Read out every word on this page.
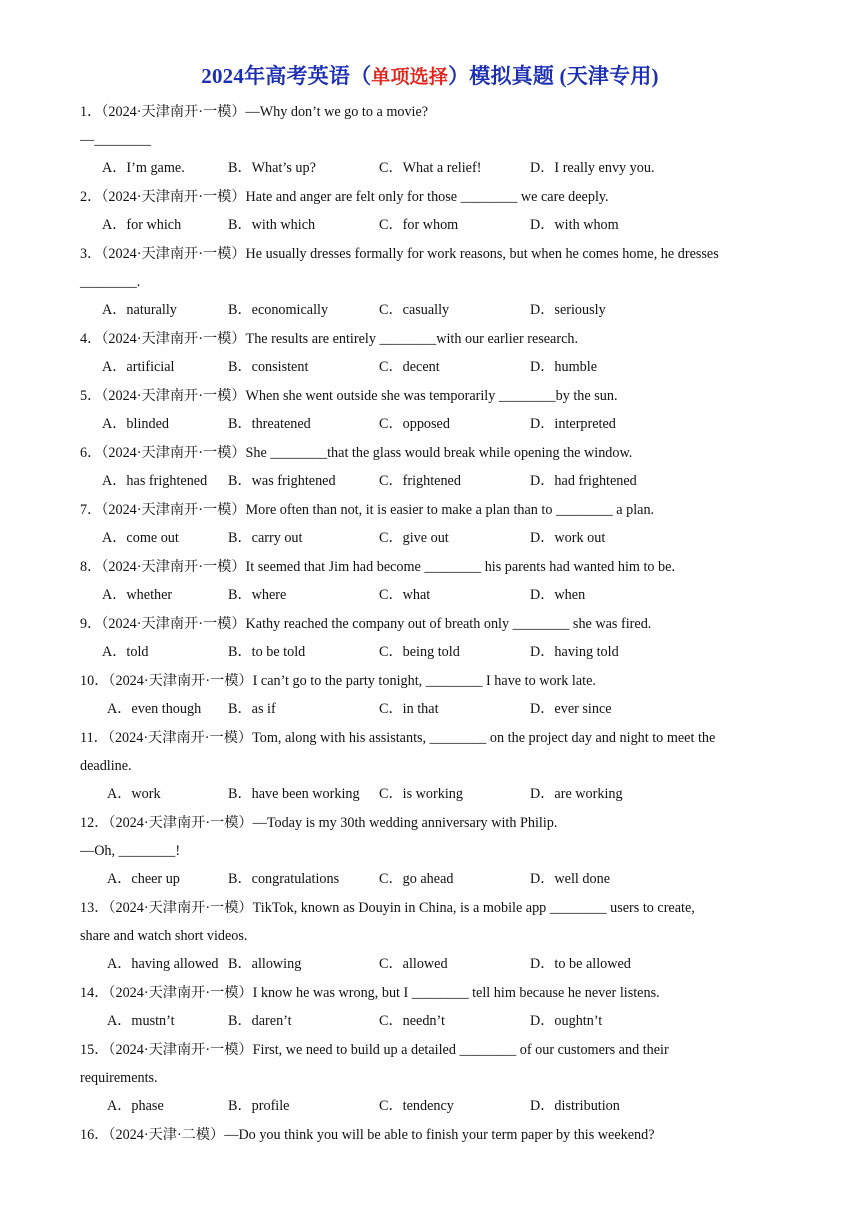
2024年高考英语（单项选择）模拟真题 (天津专用)
1．（2024·天津南开·一模）—Why don’t we go to a movie?
—________
A．I’m game.	B．What’s up?	C．What a relief!	D．I really envy you.
2．（2024·天津南开·一模）Hate and anger are felt only for those ________ we care deeply.
A．for which	B．with which	C．for whom	D．with whom
3．（2024·天津南开·一模）He usually dresses formally for work reasons, but when he comes home, he dresses
________.
A．naturally	B．economically	C．casually	D．seriously
4．（2024·天津南开·一模）The results are entirely ________with our earlier research.
A．artificial	B．consistent	C．decent	D．humble
5．（2024·天津南开·一模）When she went outside she was temporarily ________by the sun.
A．blinded	B．threatened	C．opposed	D．interpreted
6．（2024·天津南开·一模）She ________that the glass would break while opening the window.
A．has frightened	B．was frightened	C．frightened	D．had frightened
7．（2024·天津南开·一模）More often than not, it is easier to make a plan than to ________ a plan.
A．come out	B．carry out	C．give out	D．work out
8．（2024·天津南开·一模）It seemed that Jim had become ________ his parents had wanted him to be.
A．whether	B．where	C．what	D．when
9．（2024·天津南开·一模）Kathy reached the company out of breath only ________ she was fired.
A．told	B．to be told	C．being told	D．having told
10．（2024·天津南开·一模）I can’t go to the party tonight, ________ I have to work late.
A．even though	B．as if	C．in that	D．ever since
11．（2024·天津南开·一模）Tom, along with his assistants, ________ on the project day and night to meet the
deadline.
A．work	B．have been working	C．is working	D．are working
12．（2024·天津南开·一模）—Today is my 30th wedding anniversary with Philip.
—Oh, ________!
A．cheer up	B．congratulations	C．go ahead	D．well done
13．（2024·天津南开·一模）TikTok, known as Douyin in China, is a mobile app ________ users to create,
share and watch short videos.
A．having allowed B．allowing	C．allowed	D．to be allowed
14．（2024·天津南开·一模）I know he was wrong, but I ________ tell him because he never listens.
A．mustn’t	B．daren’t	C．needn’t	D．oughtn’t
15．（2024·天津南开·一模）First, we need to build up a detailed ________ of our customers and their
requirements.
A．phase	B．profile	C．tendency	D．distribution
16．（2024·天津·二模）—Do you think you will be able to finish your term paper by this weekend?
